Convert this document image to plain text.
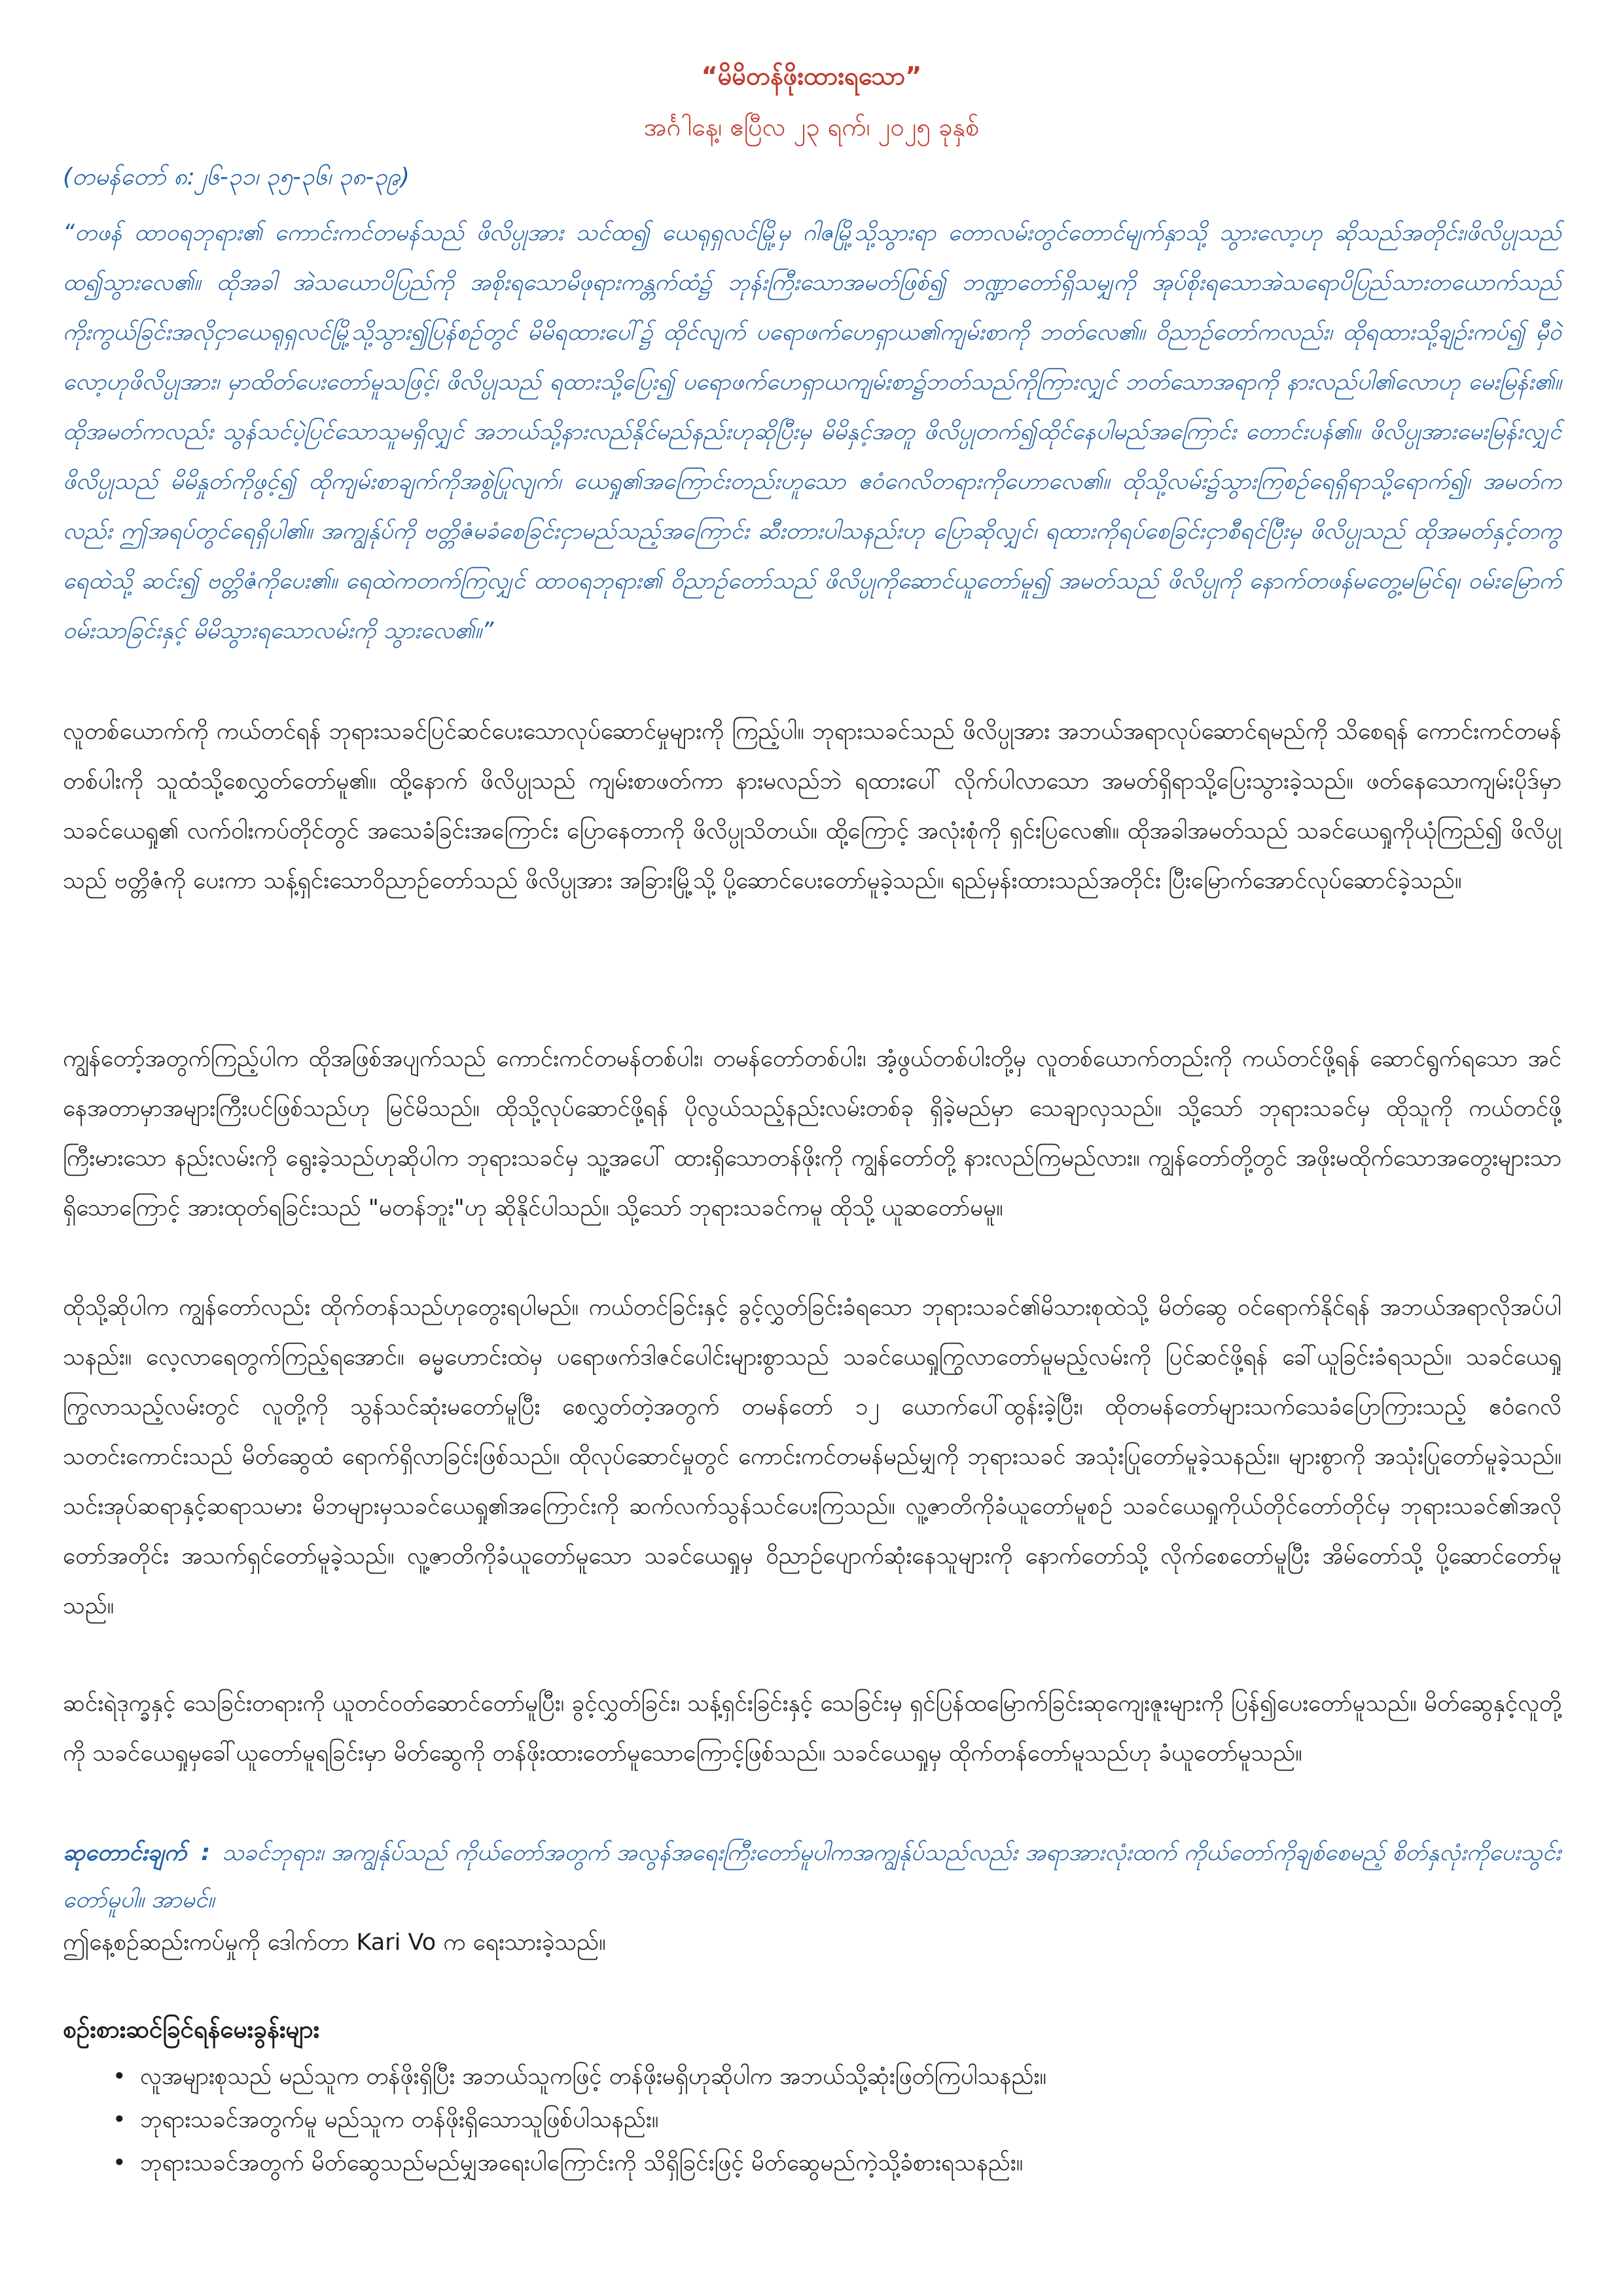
“မိမိတန်ဖိုးထားရသော”
အင်္ဂါနေ့၊ ဧပြီလ ၂၃ ရက်၊ ၂၀၂၅ ခုနှစ်
(တမန်တော် ၈:၂၆-၃၁၊ ၃၅-၃၆၊ ၃၈-၃၉)
“တဖန် ထာဝရဘုရား၏ ကောင်းကင်တမန်သည် ဖိလိပ္ပုအား သင်ထ၍ ယေရုရှလင်မြို့မှ ဂါဇမြို့သို့သွားရာ တောလမ်းတွင်တောင်မျက်နှာသို့ သွားလော့ဟု ဆိုသည်အတိုင်း၊ဖိလိပ္ပုသည်ထ၍သွားလေ၏။ ထိုအခါ အဲသယောပိပြည်ကို အစိုးရသောမိဖုရားကန္တက်ထံ၌ ဘုန်းကြီးသောအမတ်ဖြစ်၍ ဘဏ္ဍာတော်ရှိသမျှကို အုပ်စိုးရသောအဲသရောပိပြည်သားတယောက်သည် ကိုးကွယ်ခြင်းအလိုငှာယေရုရှလင်မြို့သို့သွား၍ပြန်စဉ်တွင် မိမိရထားပေါ်၌ ထိုင်လျက် ပရောဖက်ဟေရှာယ၏ကျမ်းစာကို ဘတ်လေ၏။ ဝိညာဉ်တော်ကလည်း၊ ထိုရထားသို့ချဉ်းကပ်၍ မှီဝဲလော့ဟုဖိလိပ္ပုအား၊ မှာထိတ်ပေးတော်မူသဖြင့်၊ ဖိလိပ္ပုသည် ရထားသို့ပြေး၍ ပရောဖက်ဟေရှာယကျမ်းစာ၌ဘတ်သည်ကိုကြားလျှင် ဘတ်သောအရာကို နားလည်ပါ၏လောဟု မေးမြန်း၏။ ထိုအမတ်ကလည်း သွန်သင်ပဲ့ပြင်သောသူမရှိလျှင် အဘယ်သို့နားလည်နိုင်မည်နည်းဟုဆိုပြီးမှ မိမိနှင့်အတူ ဖိလိပ္ပုတက်၍ထိုင်နေပါမည်အကြောင်း တောင်းပန်၏။ ဖိလိပ္ပုအားမေးမြန်းလျှင် ဖိလိပ္ပုသည် မိမိနှုတ်ကိုဖွင့်၍ ထိုကျမ်းစာချက်ကိုအစွဲပြုလျက်၊ ယေရှု၏အကြောင်းတည်းဟူသော ဧဝံဂေလိတရားကိုဟောလေ၏။ ထိုသို့လမ်း၌သွားကြစဉ်ရေရှိရာသို့ရောက်၍၊ အမတ်ကလည်း ဤအရပ်တွင်ရေရှိပါ၏။ အကျွန်ုပ်ကို ဗတ္တိဇံမခံစေခြင်းငှာမည်သည့်အကြောင်း ဆီးတားပါသနည်းဟု ပြောဆိုလျှင်၊ ရထားကိုရပ်စေခြင်းငှာစီရင်ပြီးမှ ဖိလိပ္ပုသည် ထိုအမတ်နှင့်တကွ ရေထဲသို့ ဆင်း၍ ဗတ္တိဇံကိုပေး၏။ ရေထဲကတက်ကြလျှင် ထာဝရဘုရား၏ ဝိညာဉ်တော်သည် ဖိလိပ္ပုကိုဆောင်ယူတော်မူ၍ အမတ်သည် ဖိလိပ္ပုကို နောက်တဖန်မတွေ့မမြင်ရ၊ ဝမ်းမြောက်ဝမ်းသာခြင်းနှင့် မိမိသွားရသောလမ်းကို သွားလေ၏။”
လူတစ်ယောက်ကို ကယ်တင်ရန် ဘုရားသခင်ပြင်ဆင်ပေးသောလုပ်ဆောင်မှုများကို ကြည့်ပါ။ ဘုရားသခင်သည် ဖိလိပ္ပုအား အဘယ်အရာလုပ်ဆောင်ရမည်ကို သိစေရန် ကောင်းကင်တမန်တစ်ပါးကို သူထံသို့စေလွှတ်တော်မူ၏။ ထို့နောက် ဖိလိပ္ပုသည် ကျမ်းစာဖတ်ကာ နားမလည်ဘဲ ရထားပေါ် လိုက်ပါလာသော အမတ်ရှိရာသို့ပြေးသွားခဲ့သည်။ ဖတ်နေသောကျမ်းပိုဒ်မှာ သခင်ယေရှု၏ လက်ဝါးကပ်တိုင်တွင် အသေခံခြင်းအကြောင်း ပြောနေတာကို ဖိလိပ္ပုသိတယ်။ ထို့ကြောင့် အလုံးစုံကို ရှင်းပြလေ၏။ ထိုအခါအမတ်သည် သခင်ယေရှုကိုယုံကြည်၍ ဖိလိပ္ပုသည် ဗတ္တိဇံကို ပေးကာ သန့်ရှင်းသောဝိညာဉ်တော်သည် ဖိလိပ္ပုအား အခြားမြို့သို့ ပို့ဆောင်ပေးတော်မူခဲ့သည်။ ရည်မှန်းထားသည်အတိုင်း ပြီးမြောက်အောင်လုပ်ဆောင်ခဲ့သည်။
ကျွန်တော့်အတွက်ကြည့်ပါက ထိုအဖြစ်အပျက်သည် ကောင်းကင်တမန်တစ်ပါး၊ တမန်တော်တစ်ပါး၊ အံ့ဖွယ်တစ်ပါးတို့မှ လူတစ်ယောက်တည်းကို ကယ်တင်ဖို့ရန် ဆောင်ရွက်ရသော အင်နေအတာမှာအများကြီးပင်ဖြစ်သည်ဟု မြင်မိသည်။ ထိုသို့လုပ်ဆောင်ဖို့ရန် ပိုလွယ်သည့်နည်းလမ်းတစ်ခု ရှိခဲ့မည်မှာ သေချာလှသည်။ သို့သော် ဘုရားသခင်မှ ထိုသူကို ကယ်တင်ဖို့ကြီးမားသော နည်းလမ်းကို ရွေးခဲ့သည်ဟုဆိုပါက ဘုရားသခင်မှ သူ့အပေါ် ထားရှိသောတန်ဖိုးကို ကျွန်တော်တို့ နားလည်ကြမည်လား။ ကျွန်တော်တို့တွင် အဖိုးမထိုက်သောအတွေးများသာရှိသောကြောင့် အားထုတ်ရခြင်းသည် "မတန်ဘူး"ဟု ဆိုနိုင်ပါသည်။ သို့သော် ဘုရားသခင်ကမူ ထိုသို့ ယူဆတော်မမူ။
ထိုသို့ဆိုပါက ကျွန်တော်လည်း ထိုက်တန်သည်ဟုတွေးရပါမည်။ ကယ်တင်ခြင်းနှင့် ခွင့်လွှတ်ခြင်းခံရသော ဘုရားသခင်၏မိသားစုထဲသို့ မိတ်ဆွေ ဝင်ရောက်နိုင်ရန် အဘယ်အရာလိုအပ်ပါသနည်း။ လေ့လာရေတွက်ကြည့်ရအောင်။ ဓမ္မဟောင်းထဲမှ ပရောဖက်ဒါဇင်ပေါင်းများစွာသည် သခင်ယေရှုကြွလာတော်မူမည့်လမ်းကို ပြင်ဆင်ဖို့ရန် ခေါ်ယူခြင်းခံရသည်။ သခင်ယေရှုကြွလာသည့်လမ်းတွင် လူတို့ကို သွန်သင်ဆုံးမတော်မူပြီး စေလွှတ်တဲ့အတွက် တမန်တော် ၁၂ ယောက်ပေါ်ထွန်းခဲ့ပြီး၊ ထိုတမန်တော်များသက်သေခံပြောကြားသည့် ဧဝံဂေလိသတင်းကောင်းသည် မိတ်ဆွေထံ ရောက်ရှိလာခြင်းဖြစ်သည်။ ထိုလုပ်ဆောင်မှုတွင် ကောင်းကင်တမန်မည်မျှကို ဘုရားသခင် အသုံးပြုတော်မူခဲ့သနည်း။ များစွာကို အသုံးပြုတော်မူခဲ့သည်။ သင်းအုပ်ဆရာနှင့်ဆရာသမား မိဘများမှသခင်ယေရှု၏အကြောင်းကို ဆက်လက်သွန်သင်ပေးကြသည်။ လူ့ဇာတိကိုခံယူတော်မူစဉ် သခင်ယေရှုကိုယ်တိုင်တော်တိုင်မှ ဘုရားသခင်၏အလိုတော်အတိုင်း အသက်ရှင်တော်မူခဲ့သည်။ လူ့ဇာတိကိုခံယူတော်မူသော သခင်ယေရှုမှ ဝိညာဉ်ပျောက်ဆုံးနေသူများကို နောက်တော်သို့ လိုက်စေတော်မူပြီး အိမ်တော်သို့ ပို့ဆောင်တော်မူသည်။
ဆင်းရဲဒုက္ခနှင့် သေခြင်းတရားကို ယူတင်ဝတ်ဆောင်တော်မူပြီး၊ ခွင့်လွှတ်ခြင်း၊ သန့်ရှင်းခြင်းနှင့် သေခြင်းမှ ရှင်ပြန်ထမြောက်ခြင်းဆုကျေးဇူးများကို ပြန်၍ပေးတော်မူသည်။ မိတ်ဆွေနှင့်လူတို့ကို သခင်ယေရှုမှခေါ်ယူတော်မူရခြင်းမှာ မိတ်ဆွေကို တန်ဖိုးထားတော်မူသောကြောင့်ဖြစ်သည်။ သခင်ယေရှုမှ ထိုက်တန်တော်မူသည်ဟု ခံယူတော်မူသည်။
ဆုတောင်းချက် : သခင်ဘုရား၊ အကျွန်ုပ်သည် ကိုယ်တော်အတွက် အလွန်အရေးကြီးတော်မူပါကအကျွန်ုပ်သည်လည်း အရာအားလုံးထက် ကိုယ်တော်ကိုချစ်စေမည့် စိတ်နှလုံးကိုပေးသွင်းတော်မူပါ။ အာမင်။
ဤနေ့စဉ်ဆည်းကပ်မှုကို ဒေါက်တာ Kari Vo က ရေးသားခဲ့သည်။
စဉ်းစားဆင်ခြင်ရန်မေးခွန်းများ
• လူအများစုသည် မည်သူက တန်ဖိုးရှိပြီး အဘယ်သူကဖြင့် တန်ဖိုးမရှိဟုဆိုပါက အဘယ်သို့ဆုံးဖြတ်ကြပါသနည်း။
• ဘုရားသခင်အတွက်မူ မည်သူက တန်ဖိုးရှိသောသူဖြစ်ပါသနည်း။
• ဘုရားသခင်အတွက် မိတ်ဆွေသည်မည်မျှအရေးပါကြောင်းကို သိရှိခြင်းဖြင့် မိတ်ဆွေမည်ကဲ့သို့ခံစားရသနည်း။
